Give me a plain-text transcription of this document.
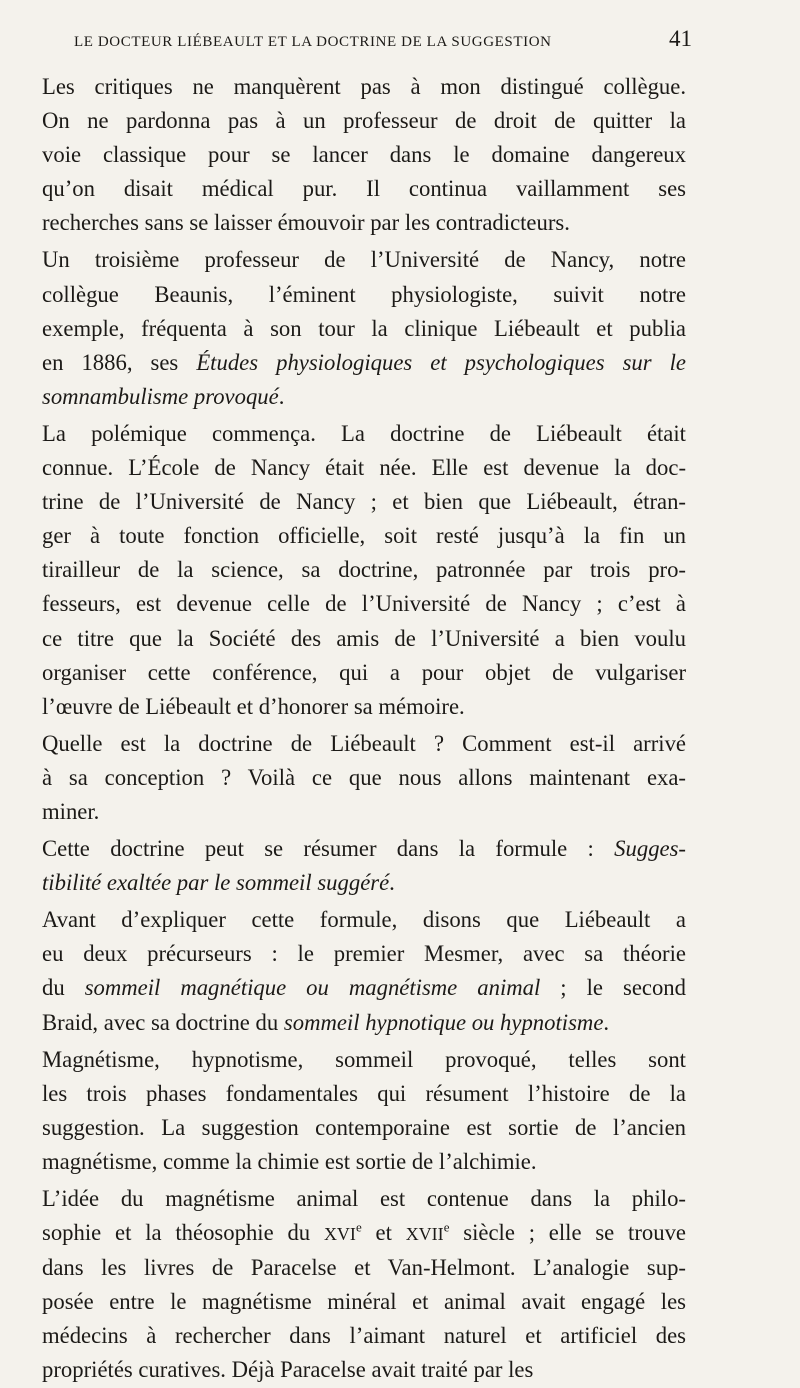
LE DOCTEUR LIÉBEAULT ET LA DOCTRINE DE LA SUGGESTION	41
Les critiques ne manquèrent pas à mon distingué collègue.
On ne pardonna pas à un professeur de droit de quitter la
voie classique pour se lancer dans le domaine dangereux
qu’on disait médical pur. Il continua vaillamment ses
recherches sans se laisser émouvoir par les contradicteurs.
Un troisième professeur de l’Université de Nancy, notre
collègue Beaunis, l’éminent physiologiste, suivit notre
exemple, fréquenta à son tour la clinique Liébeault et publia
en 1886, ses Études physiologiques et psychologiques sur le
somnambulisme provoqué.
La polémique commença. La doctrine de Liébeault était
connue. L’École de Nancy était née. Elle est devenue la doc-
trine de l’Université de Nancy ; et bien que Liébeault, étran-
ger à toute fonction officielle, soit resté jusqu’à la fin un
tirailleur de la science, sa doctrine, patronnée par trois pro-
fesseurs, est devenue celle de l’Université de Nancy ; c’est à
ce titre que la Société des amis de l’Université a bien voulu
organiser cette conférence, qui a pour objet de vulgariser
l’œuvre de Liébeault et d’honorer sa mémoire.
Quelle est la doctrine de Liébeault ? Comment est-il arrivé
à sa conception ? Voilà ce que nous allons maintenant exa-
miner.
Cette doctrine peut se résumer dans la formule : Sugges-
tibilité exaltée par le sommeil suggéré.
Avant d’expliquer cette formule, disons que Liébeault a
eu deux précurseurs : le premier Mesmer, avec sa théorie
du sommeil magnétique ou magnétisme animal ; le second
Braid, avec sa doctrine du sommeil hypnotique ou hypnotisme.
Magnétisme, hypnotisme, sommeil provoqué, telles sont
les trois phases fondamentales qui résument l’histoire de la
suggestion. La suggestion contemporaine est sortie de l’ancien
magnétisme, comme la chimie est sortie de l’alchimie.
L’idée du magnétisme animal est contenue dans la philo-
sophie et la théosophie du XVIe et XVIIe siècle ; elle se trouve
dans les livres de Paracelse et Van-Helmont. L’analogie sup-
posée entre le magnétisme minéral et animal avait engagé les
médecins à rechercher dans l’aimant naturel et artificiel des
propriétés curatives. Déjà Paracelse avait traité par les
